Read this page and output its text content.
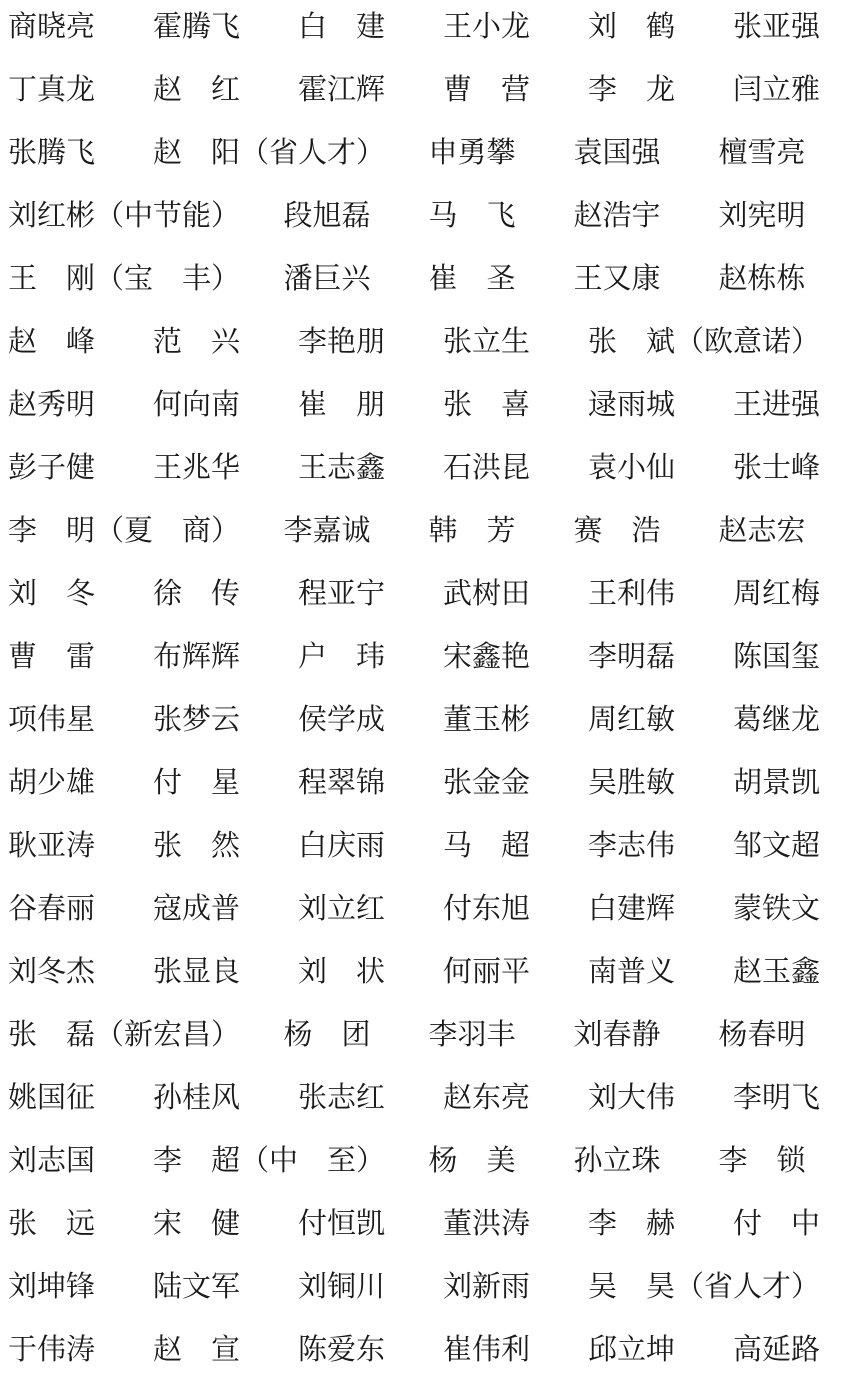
商晓亮　　霍腾飞　　白　建　　王小龙　　刘　鹤　　张亚强
丁真龙　　赵　红　　霍江辉　　曹　营　　李　龙　　闫立雅
张腾飞　　赵　阳（省人才）　　申勇攀　　袁国强　　檀雪亮
刘红彬（中节能）　　段旭磊　　马　飞　　赵浩宇　　刘宪明
王　刚（宝　丰）　　潘巨兴　　崔　圣　　王又康　　赵栋栋
赵　峰　　范　兴　　李艳朋　　张立生　　张　斌（欧意诺）
赵秀明　　何向南　　崔　朋　　张　喜　　逯雨城　　王进强
彭子健　　王兆华　　王志鑫　　石洪昆　　袁小仙　　张士峰
李　明（夏　商）　　李嘉诚　　韩　芳　　赛　浩　　赵志宏
刘　冬　　徐　传　　程亚宁　　武树田　　王利伟　　周红梅
曹　雷　　布辉辉　　户　玮　　宋鑫艳　　李明磊　　陈国玺
项伟星　　张梦云　　侯学成　　董玉彬　　周红敏　　葛继龙
胡少雄　　付　星　　程翠锦　　张金金　　吴胜敏　　胡景凯
耿亚涛　　张　然　　白庆雨　　马　超　　李志伟　　邹文超
谷春丽　　寇成普　　刘立红　　付东旭　　白建辉　　蒙铁文
刘冬杰　　张显良　　刘　状　　何丽平　　南普义　　赵玉鑫
张　磊（新宏昌）　　杨　团　　李羽丰　　刘春静　　杨春明
姚国征　　孙桂风　　张志红　　赵东亮　　刘大伟　　李明飞
刘志国　　李　超（中　至）　　杨　美　　孙立珠　　李　锁
张　远　　宋　健　　付恒凯　　董洪涛　　李　赫　　付　中
刘坤锋　　陆文军　　刘铜川　　刘新雨　　吴　昊（省人才）
于伟涛　　赵　宣　　陈爱东　　崔伟利　　邱立坤　　高延路
